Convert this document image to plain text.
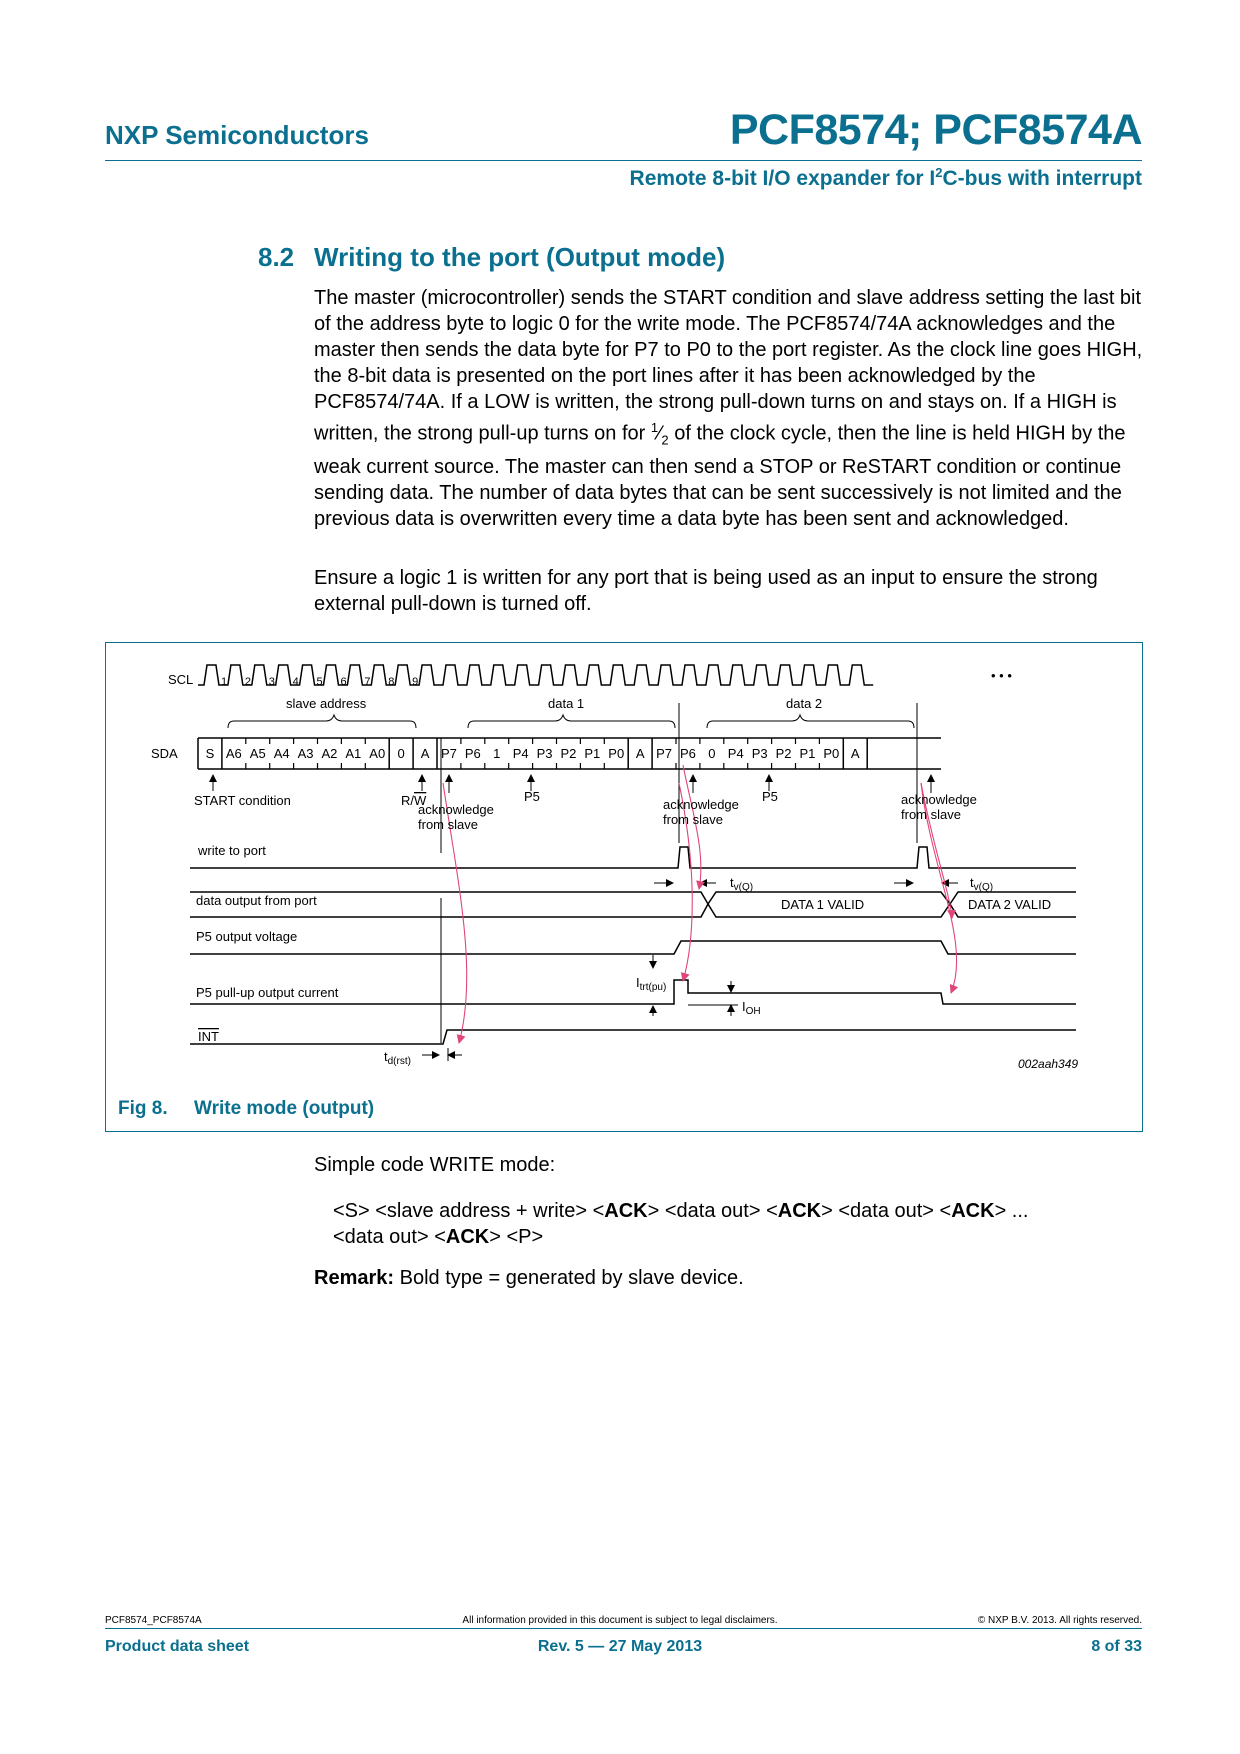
NXP Semiconductors	PCF8574; PCF8574A
Remote 8-bit I/O expander for $I^2C$-bus with interrupt
8.2 Writing to the port (Output mode)
The master (microcontroller) sends the START condition and slave address setting the last bit of the address byte to logic 0 for the write mode. The PCF8574/74A acknowledges and the master then sends the data byte for P7 to P0 to the port register. As the clock line goes HIGH, the 8-bit data is presented on the port lines after it has been acknowledged by the PCF8574/74A. If a LOW is written, the strong pull-down turns on and stays on. If a HIGH is written, the strong pull-up turns on for $^1⁄_2$ of the clock cycle, then the line is held HIGH by the weak current source. The master can then send a STOP or ReSTART condition or continue sending data. The number of data bytes that can be sent successively is not limited and the previous data is overwritten every time a data byte has been sent and acknowledged.
Ensure a logic 1 is written for any port that is being used as an input to ensure the strong external pull-down is turned off.
SCL	1 2 3 4 5 6 7 8 9	• • •
slave address	data 1	data 2
SDA S A6 A5 A4 A3 A2 A1 A0 0 A P7 P6 1 P4 P3 P2 P1 P0 A P7 P6 0 P4 P3 P2 P1 P0 A
START condition	R/W
acknowledge
from slave
P5
acknowledge
from slave
P5	acknowledge
from slave
write to port
data output from port	DATA 1 VALID	DATA 2 VALID
P5 output voltage
P5 pull-up output current
INT
$t_{v(Q)}$	$t_{v(Q)}$
$I_{trt(pu)}$
$I_{OH}$
$t_{d(rst)}$	002aah349
Fig 8. Write mode (output)
Simple code WRITE mode:
<S> <slave address + write> <ACK> <data out> <ACK> <data out> <ACK> ...
<data out> <ACK> <P>
Remark: Bold type = generated by slave device.
PCF8574_PCF8574A	All information provided in this document is subject to legal disclaimers.	© NXP B.V. 2013. All rights reserved.
Product data sheet	Rev. 5 — 27 May 2013	8 of 33
